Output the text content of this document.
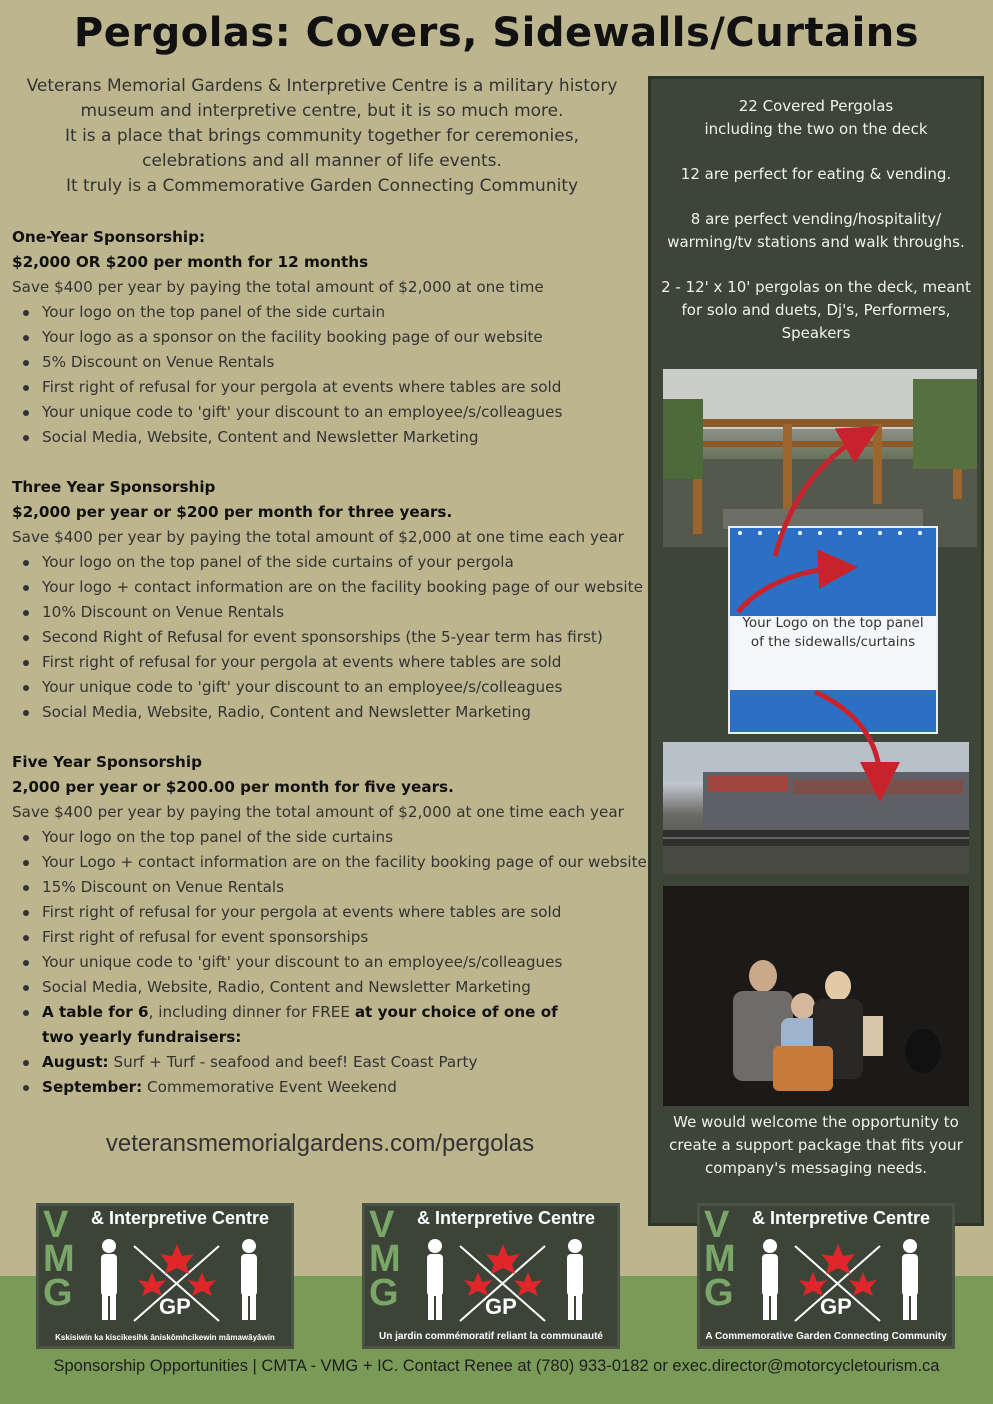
Pergolas: Covers, Sidewalls/Curtains
Veterans Memorial Gardens & Interpretive Centre is a military history
museum and interpretive centre, but it is so much more.
It is a place that brings community together for ceremonies,
celebrations and all manner of life events.
It truly is a Commemorative Garden Connecting Community
One-Year Sponsorship:
$2,000 OR $200 per month for 12 months
Save $400 per year by paying the total amount of $2,000 at one time
Your logo on the top panel of the side curtain
Your logo as a sponsor on the facility booking page of our website
5% Discount on Venue Rentals
First right of refusal for your pergola at events where tables are sold
Your unique code to 'gift' your discount to an employee/s/colleagues
Social Media, Website, Content and Newsletter Marketing
Three Year Sponsorship
$2,000 per year or $200 per month for three years.
Save $400 per year by paying the total amount of $2,000 at one time each year
Your logo on the top panel of the side curtains of your pergola
Your logo + contact information are on the facility booking page of our website
10% Discount on Venue Rentals
Second Right of Refusal for event sponsorships (the 5-year term has first)
First right of refusal for your pergola at events where tables are sold
Your unique code to 'gift' your discount to an employee/s/colleagues
Social Media, Website, Radio, Content and Newsletter Marketing
Five Year Sponsorship
2,000 per year or $200.00 per month for five years.
Save $400 per year by paying the total amount of $2,000 at one time each year
Your logo on the top panel of the side curtains
Your Logo + contact information are on the facility booking page of our website
15% Discount on Venue Rentals
First right of refusal for your pergola at events where tables are sold
First right of refusal for event sponsorships
Your unique code to 'gift' your discount to an employee/s/colleagues
Social Media, Website, Radio, Content and Newsletter Marketing
A table for 6, including dinner for FREE at your choice of one of two yearly fundraisers:
August: Surf + Turf - seafood and beef! East Coast Party
September: Commemorative Event Weekend
veteransmemorialgardens.com/pergolas

22 Covered Pergolas
including the two on the deck

12 are perfect for eating & vending.

8 are perfect vending/hospitality/
warming/tv stations and walk throughs.

2 - 12' x 10' pergolas on the deck, meant
for solo and duets, Dj's, Performers,
Speakers

We would welcome the opportunity to
create a support package that fits your
company's messaging needs.
Your Logo on the top panel
of the sidewalls/curtains
V
M
G	GP
& Interpretive Centre
Kskisiwin ka kiscikesihk âniskômhcikewin mâmawâyâwin
V
M
G	GP
& Interpretive Centre
Un jardin commémoratif reliant la communauté
V
M
G	GP
& Interpretive Centre
A Commemorative Garden Connecting Community
Sponsorship Opportunities | CMTA - VMG + IC. Contact Renee at (780) 933-0182 or exec.director@motorcycletourism.ca
